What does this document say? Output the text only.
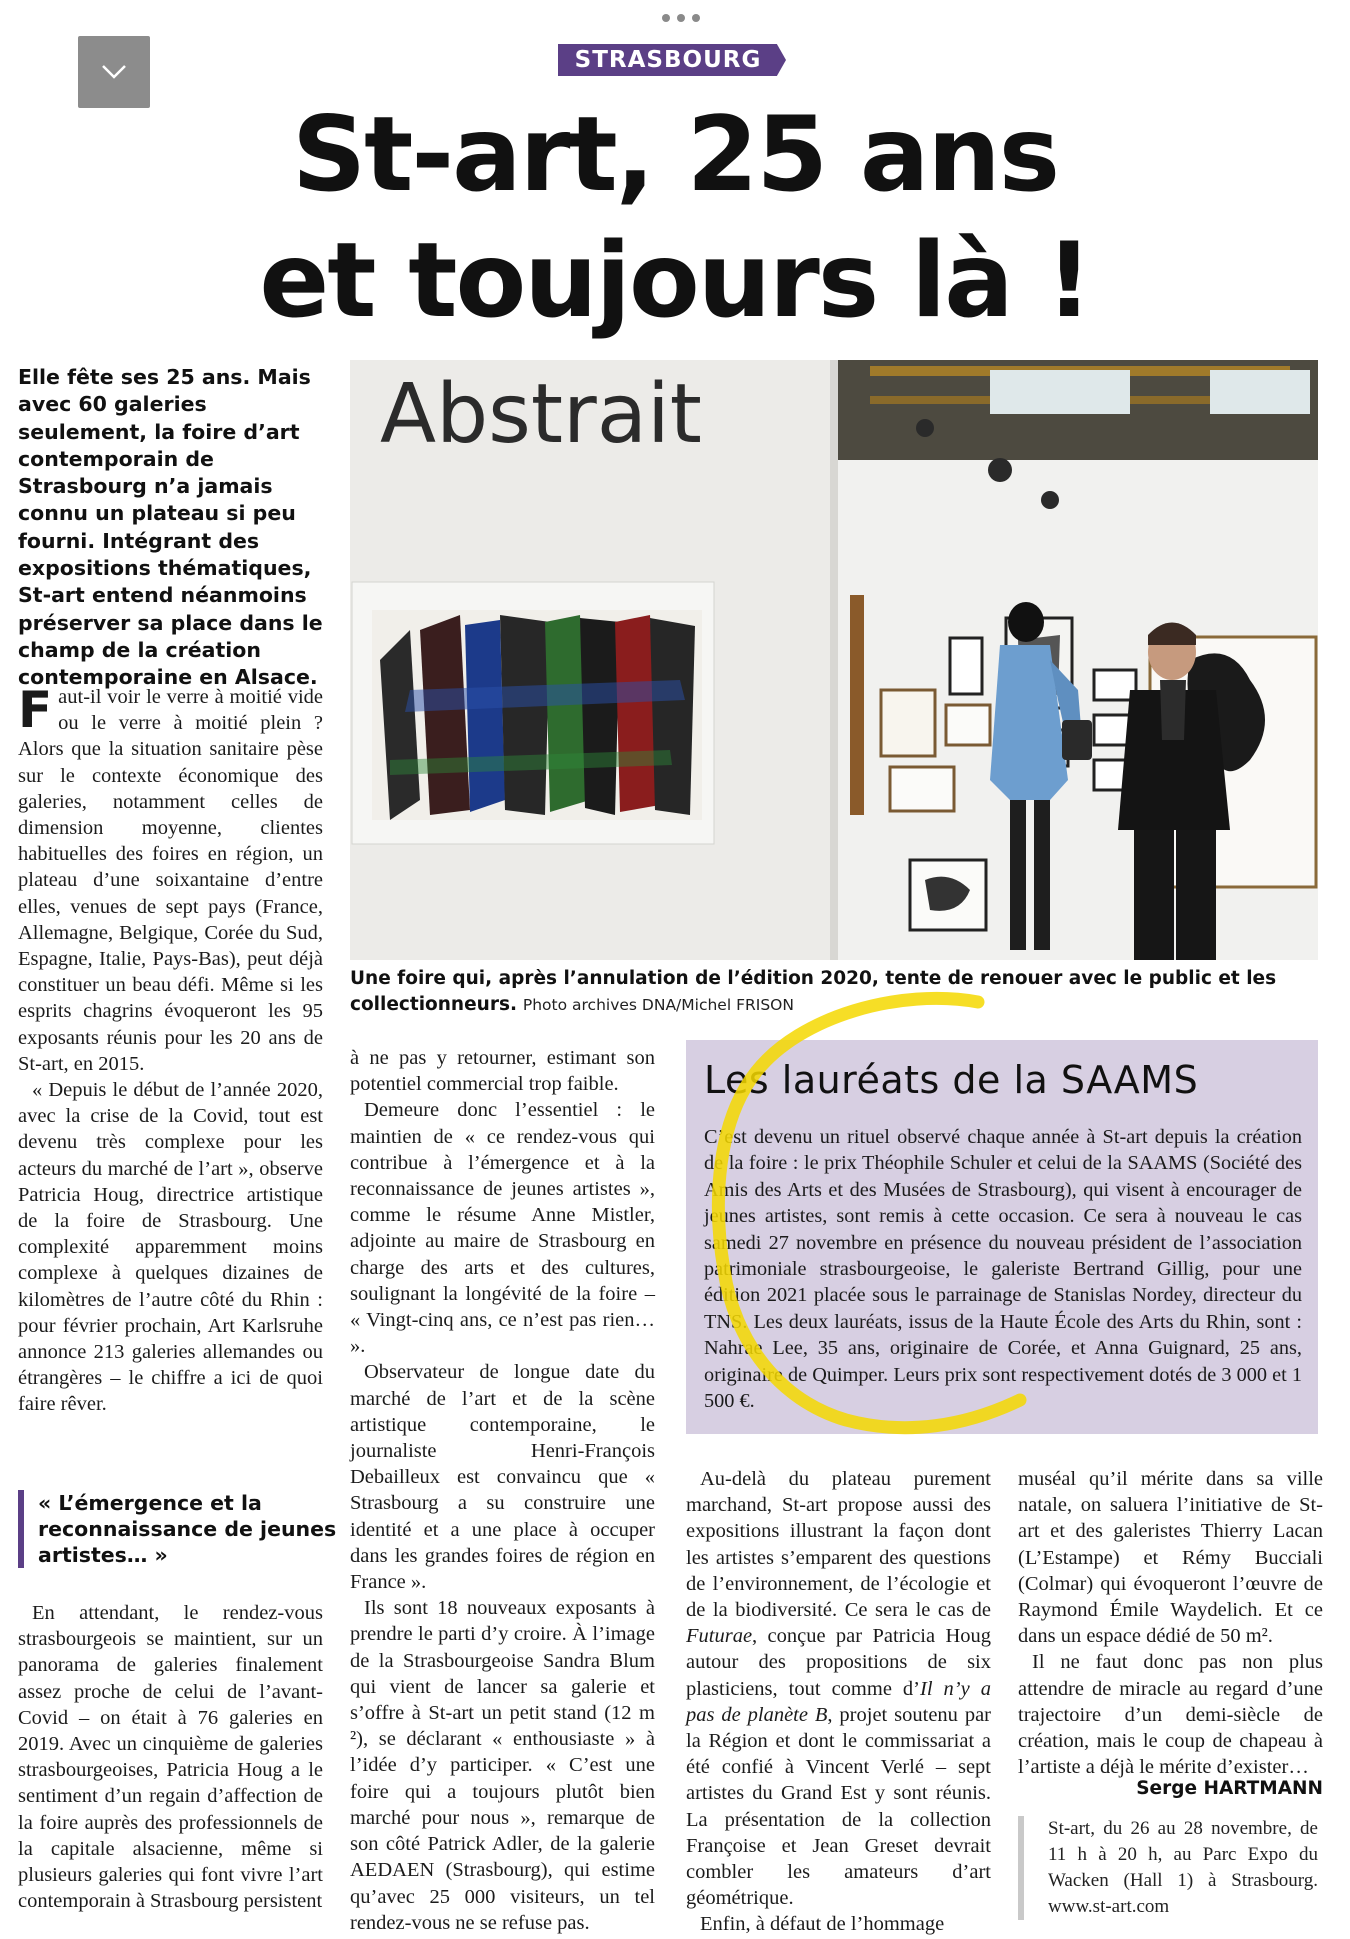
STRASBOURG
St-art, 25 ans
et toujours là !
Elle fête ses 25 ans. Mais avec 60 galeries seulement, la foire d’art contemporain de Strasbourg n’a jamais connu un plateau si peu fourni. Intégrant des expositions thématiques, St-art entend néanmoins préserver sa place dans le champ de la création contemporaine en Alsace.

Faut-il voir le verre à moitié vide ou le verre à moitié plein ? Alors que la situation sanitaire pèse sur le contexte économique des galeries, notamment celles de dimension moyenne, clientes habituelles des foires en région, un plateau d’une soixantaine d’entre elles, venues de sept pays (France, Allemagne, Belgique, Corée du Sud, Espagne, Italie, Pays-Bas), peut déjà constituer un beau défi. Même si les esprits chagrins évoqueront les 95 exposants réunis pour les 20 ans de St-art, en 2015.

« Depuis le début de l’année 2020, avec la crise de la Covid, tout est devenu très complexe pour les acteurs du marché de l’art », observe Patricia Houg, directrice artistique de la foire de Strasbourg. Une complexité apparemment moins complexe à quelques dizaines de kilomètres de l’autre côté du Rhin : pour février prochain, Art Karlsruhe annonce 213 galeries allemandes ou étrangères – le chiffre a ici de quoi faire rêver.

« L’émergence et la reconnaissance de jeunes artistes… »

En attendant, le rendez-vous strasbourgeois se maintient, sur un panorama de galeries finalement assez proche de celui de l’avant-Covid – on était à 76 galeries en 2019. Avec un cinquième de galeries strasbourgeoises, Patricia Houg a le sentiment d’un regain d’affection de la foire auprès des professionnels de la capitale alsacienne, même si plusieurs galeries qui font vivre l’art contemporain à Strasbourg persistent

Abstrait
Une foire qui, après l’annulation de l’édition 2020, tente de renouer avec le public et les collectionneurs. Photo archives DNA/Michel FRISON

à ne pas y retourner, estimant son potentiel commercial trop faible.

Demeure donc l’essentiel : le maintien de « ce rendez-vous qui contribue à l’émergence et à la reconnaissance de jeunes artistes », comme le résume Anne Mistler, adjointe au maire de Strasbourg en charge des arts et des cultures, soulignant la longévité de la foire – « Vingt-cinq ans, ce n’est pas rien… ».

Observateur de longue date du marché de l’art et de la scène artistique contemporaine, le journaliste Henri-François Debailleux est convaincu que « Strasbourg a su construire une identité et a une place à occuper dans les grandes foires de région en France ».

Ils sont 18 nouveaux exposants à prendre le parti d’y croire. À l’image de la Strasbourgeoise Sandra Blum qui vient de lancer sa galerie et s’offre à St-art un petit stand (12 m ²), se déclarant « enthousiaste » à l’idée d’y participer. « C’est une foire qui a toujours plutôt bien marché pour nous », remarque de son côté Patrick Adler, de la galerie AEDAEN (Strasbourg), qui estime qu’avec 25 000 visiteurs, un tel rendez-vous ne se refuse pas.

Les lauréats de la SAAMS
C’est devenu un rituel observé chaque année à St-art depuis la création de la foire : le prix Théophile Schuler et celui de la SAAMS (Société des Amis des Arts et des Musées de Strasbourg), qui visent à encourager de jeunes artistes, sont remis à cette occasion. Ce sera à nouveau le cas samedi 27 novembre en présence du nouveau président de l’association patrimoniale strasbourgeoise, le galeriste Bertrand Gillig, pour une édition 2021 placée sous le parrainage de Stanislas Nordey, directeur du TNS. Les deux lauréats, issus de la Haute École des Arts du Rhin, sont : Nahrae Lee, 35 ans, originaire de Corée, et Anna Guignard, 25 ans, originaire de Quimper. Leurs prix sont respectivement dotés de 3 000 et 1 500 €.

Au-delà du plateau purement marchand, St-art propose aussi des expositions illustrant la façon dont les artistes s’emparent des questions de l’environnement, de l’écologie et de la biodiversité. Ce sera le cas de Futurae, conçue par Patricia Houg autour des propositions de six plasticiens, tout comme d’Il n’y a pas de planète B, projet soutenu par la Région et dont le commissariat a été confié à Vincent Verlé – sept artistes du Grand Est y sont réunis. La présentation de la collection Françoise et Jean Greset devrait combler les amateurs d’art géométrique.

Enfin, à défaut de l’hommage

muséal qu’il mérite dans sa ville natale, on saluera l’initiative de St-art et des galeristes Thierry Lacan (L’Estampe) et Rémy Bucciali (Colmar) qui évoqueront l’œuvre de Raymond Émile Waydelich. Et ce dans un espace dédié de 50 m².

Il ne faut donc pas non plus attendre de miracle au regard d’une trajectoire d’un demi-siècle de création, mais le coup de chapeau à l’artiste a déjà le mérite d’exister…

Serge HARTMANN
St-art, du 26 au 28 novembre, de 11 h à 20 h, au Parc Expo du Wacken (Hall 1) à Strasbourg. www.st-art.com
